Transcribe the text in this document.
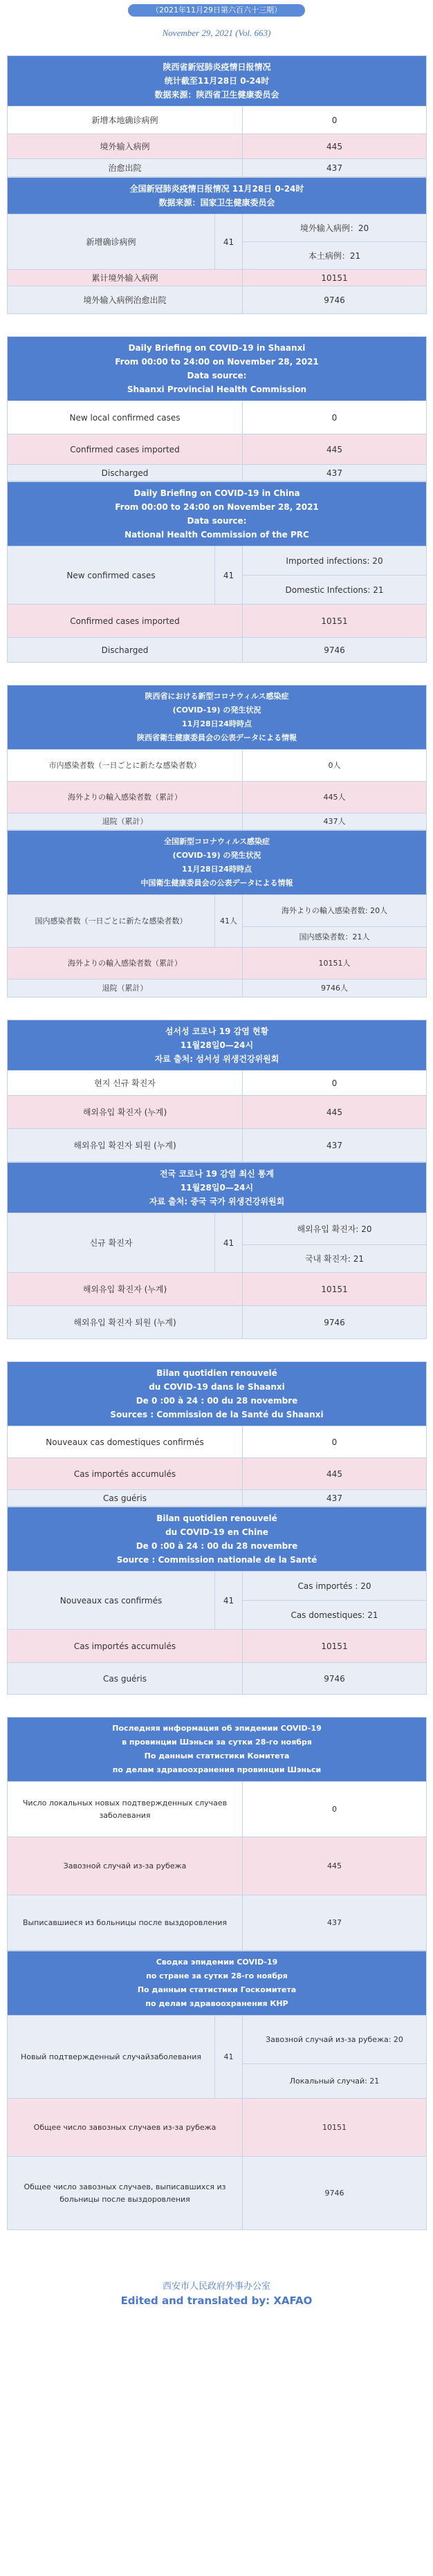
（2021年11月29日第六百六十三期）
November 29, 2021 (Vol. 663)
陕西省新冠肺炎疫情日报情况
统计截至11月28日 0-24时
数据来源：陕西省卫生健康委员会	

新增本地确诊病例	0
境外输入病例	445
治愈出院	437
全国新冠肺炎疫情日报情况 11月28日 0-24时
数据来源：国家卫生健康委员会		

新增确诊病例	41	境外输入病例：20
		本土病例：21
累计境外输入病例		10151
境外输入病例治愈出院		9746
Daily Briefing on COVID-19 in Shaanxi
From 00:00 to 24:00 on November 28, 2021
Data source:
Shaanxi Provincial Health Commission	

New local confirmed cases	0
Confirmed cases imported	445
Discharged	437
Daily Briefing on COVID-19 in China
From 00:00 to 24:00 on November 28, 2021
Data source:
National Health Commission of the PRC		

New confirmed cases	41	Imported infections: 20
		Domestic Infections: 21
Confirmed cases imported		10151
Discharged		9746
陕西省における新型コロナウィルス感染症
(COVID-19) の発生状況
11月28日24時時点
陕西省衛生健康委員会の公表データによる情報	

市内感染者数（一日ごとに新たな感染者数）	0人
海外よりの輸入感染者数（累計）	445人
退院（累計）	437人
全国新型コロナウィルス感染症
(COVID-19) の発生状況
11月28日24時時点
中国衛生健康委員会の公表データによる情報		

国内感染者数（一日ごとに新たな感染者数）	41人	海外よりの輸入感染者数: 20人
		国内感染者数：21人
海外よりの輸入感染者数（累計）		10151人
退院（累計）		9746人
섬서성 코로나 19 감염 현황
11월28일0—24시
자료 출처: 섬서성 위생건강위원회	

현지 신규 확진자	0
해외유입 확진자 (누계)	445
해외유입 확진자 퇴원 (누계)	437
전국 코로나 19 감염 최신 통계
11월28일0—24시
자료 출처: 중국 국가 위생건강위원회		

신규 확진자	41	해외유입 확진자: 20
		국내 확진자: 21
해외유입 확진자 (누계)		10151
해외유입 확진자 퇴원 (누계)		9746
Bilan quotidien renouvelé
du COVID-19 dans le Shaanxi
De 0 :00 à 24 : 00 du 28 novembre
Sources : Commission de la Santé du Shaanxi	

Nouveaux cas domestiques confirmés	0
Cas importés accumulés	445
Cas guéris	437
Bilan quotidien renouvelé
du COVID-19 en Chine
De 0 :00 à 24 : 00 du 28 novembre
Source : Commission nationale de la Santé		

Nouveaux cas confirmés	41	Cas importés : 20
		Cas domestiques: 21
Cas importés accumulés		10151
Cas guéris		9746
Последняя информация об эпидемии COVID-19
в провинции Шэньси за сутки 28-го ноября
По данным статистики Комитета
по делам здравоохранения провинции Шэньси	

Число локальных новых подтвержденных случаев заболевания	0
Завозной случай из-за рубежа	445
Выписавшиеся из больницы после выздоровления	437
Сводка эпидемии COVID-19
по стране за сутки 28-го ноября
По данным статистики Госкомитета
по делам здравоохранения КНР		

Новый подтвержденный случайзаболевания	41	Завозной случай из-за рубежа: 20
		Локальный случай: 21
Общее число завозных случаев из-за рубежа		10151
Общее число завозных случаев, выписавшихся из больницы после выздоровления		9746
西安市人民政府外事办公室
Edited and translated by: XAFAO
